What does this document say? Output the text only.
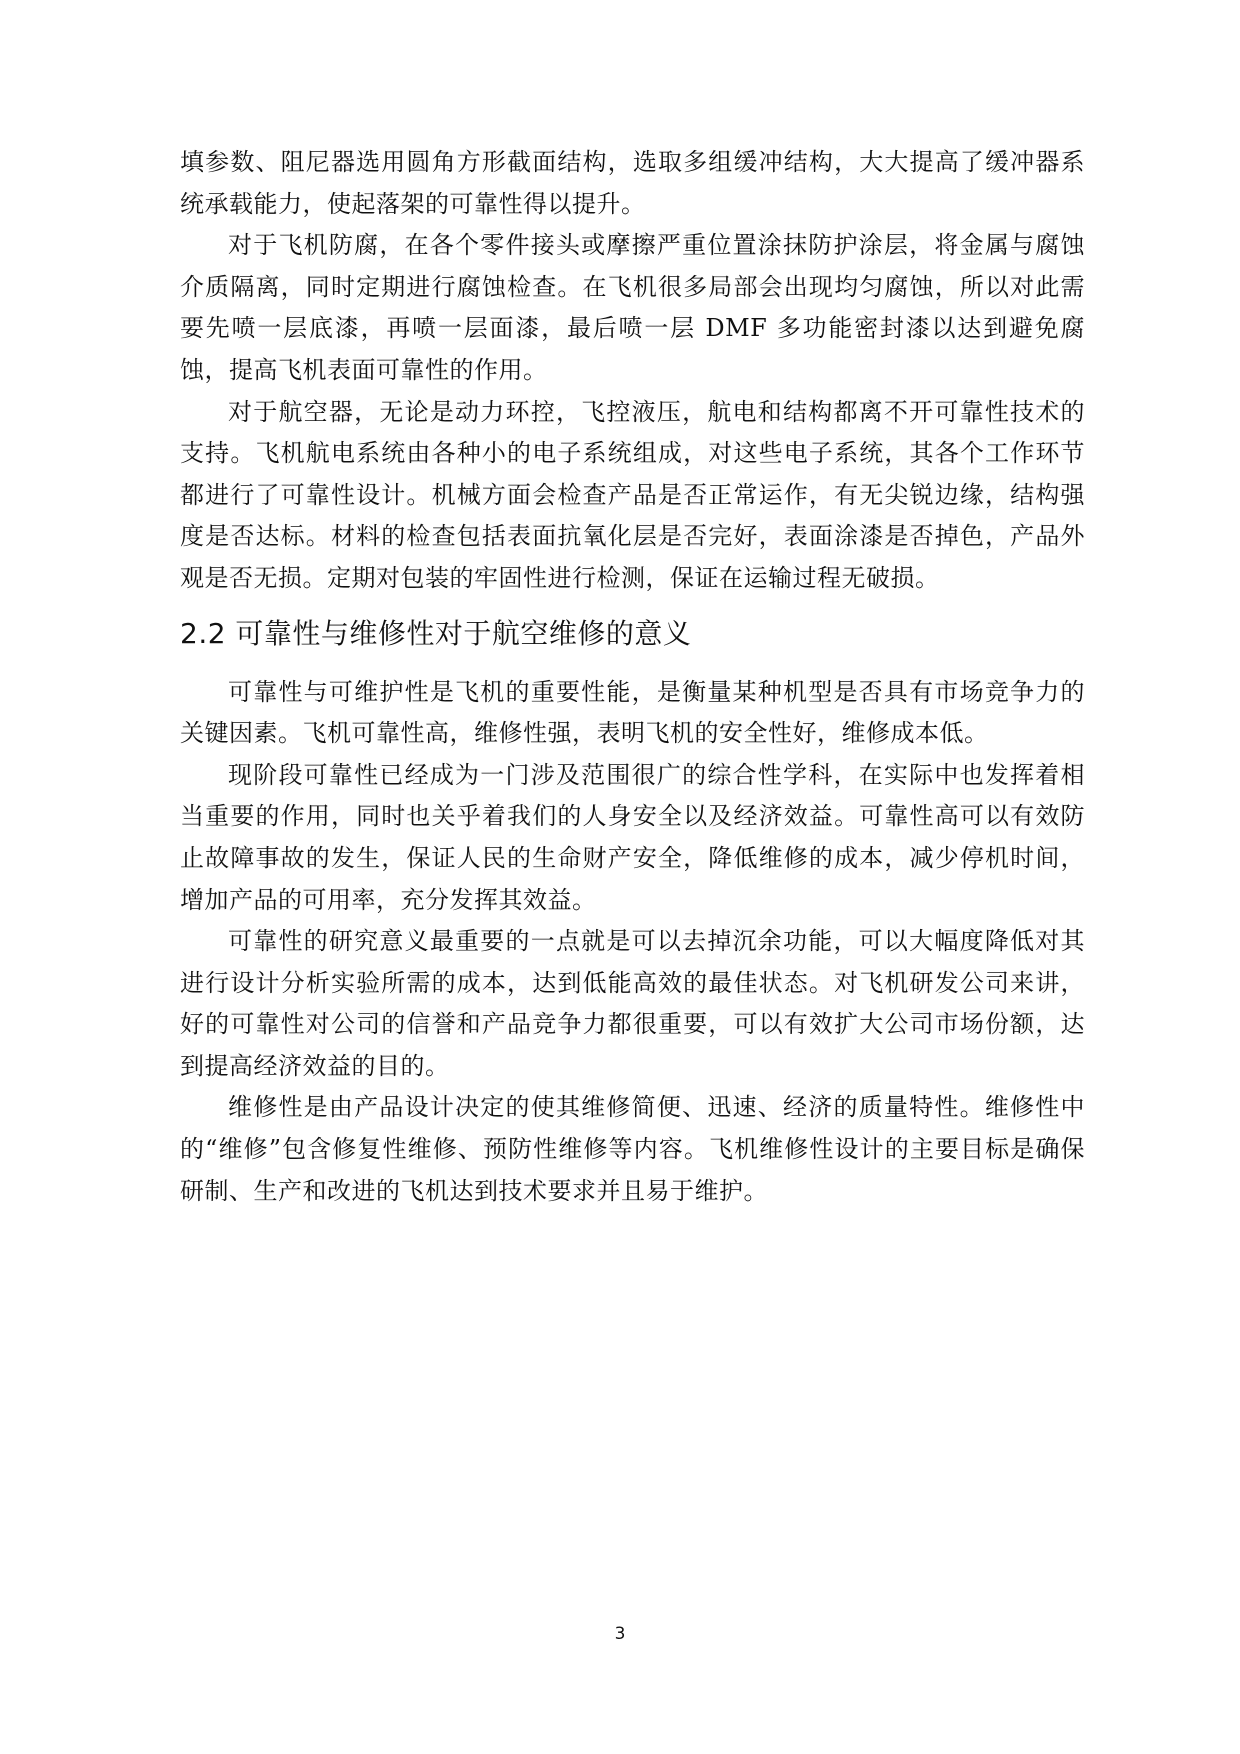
填参数、阻尼器选用圆角方形截面结构，选取多组缓冲结构，大大提高了缓冲器系统承载能力，使起落架的可靠性得以提升。

对于飞机防腐，在各个零件接头或摩擦严重位置涂抹防护涂层，将金属与腐蚀介质隔离，同时定期进行腐蚀检查。在飞机很多局部会出现均匀腐蚀，所以对此需要先喷一层底漆，再喷一层面漆，最后喷一层 DMF 多功能密封漆以达到避免腐蚀，提高飞机表面可靠性的作用。

对于航空器，无论是动力环控，飞控液压，航电和结构都离不开可靠性技术的支持。飞机航电系统由各种小的电子系统组成，对这些电子系统，其各个工作环节都进行了可靠性设计。机械方面会检查产品是否正常运作，有无尖锐边缘，结构强度是否达标。材料的检查包括表面抗氧化层是否完好，表面涂漆是否掉色，产品外观是否无损。定期对包装的牢固性进行检测，保证在运输过程无破损。

2.2 可靠性与维修性对于航空维修的意义

可靠性与可维护性是飞机的重要性能，是衡量某种机型是否具有市场竞争力的关键因素。飞机可靠性高，维修性强，表明飞机的安全性好，维修成本低。

现阶段可靠性已经成为一门涉及范围很广的综合性学科，在实际中也发挥着相当重要的作用，同时也关乎着我们的人身安全以及经济效益。可靠性高可以有效防止故障事故的发生，保证人民的生命财产安全，降低维修的成本，减少停机时间，增加产品的可用率，充分发挥其效益。

可靠性的研究意义最重要的一点就是可以去掉沉余功能，可以大幅度降低对其进行设计分析实验所需的成本，达到低能高效的最佳状态。对飞机研发公司来讲，好的可靠性对公司的信誉和产品竞争力都很重要，可以有效扩大公司市场份额，达到提高经济效益的目的。

维修性是由产品设计决定的使其维修简便、迅速、经济的质量特性。维修性中的“维修”包含修复性维修、预防性维修等内容。飞机维修性设计的主要目标是确保研制、生产和改进的飞机达到技术要求并且易于维护。

3
